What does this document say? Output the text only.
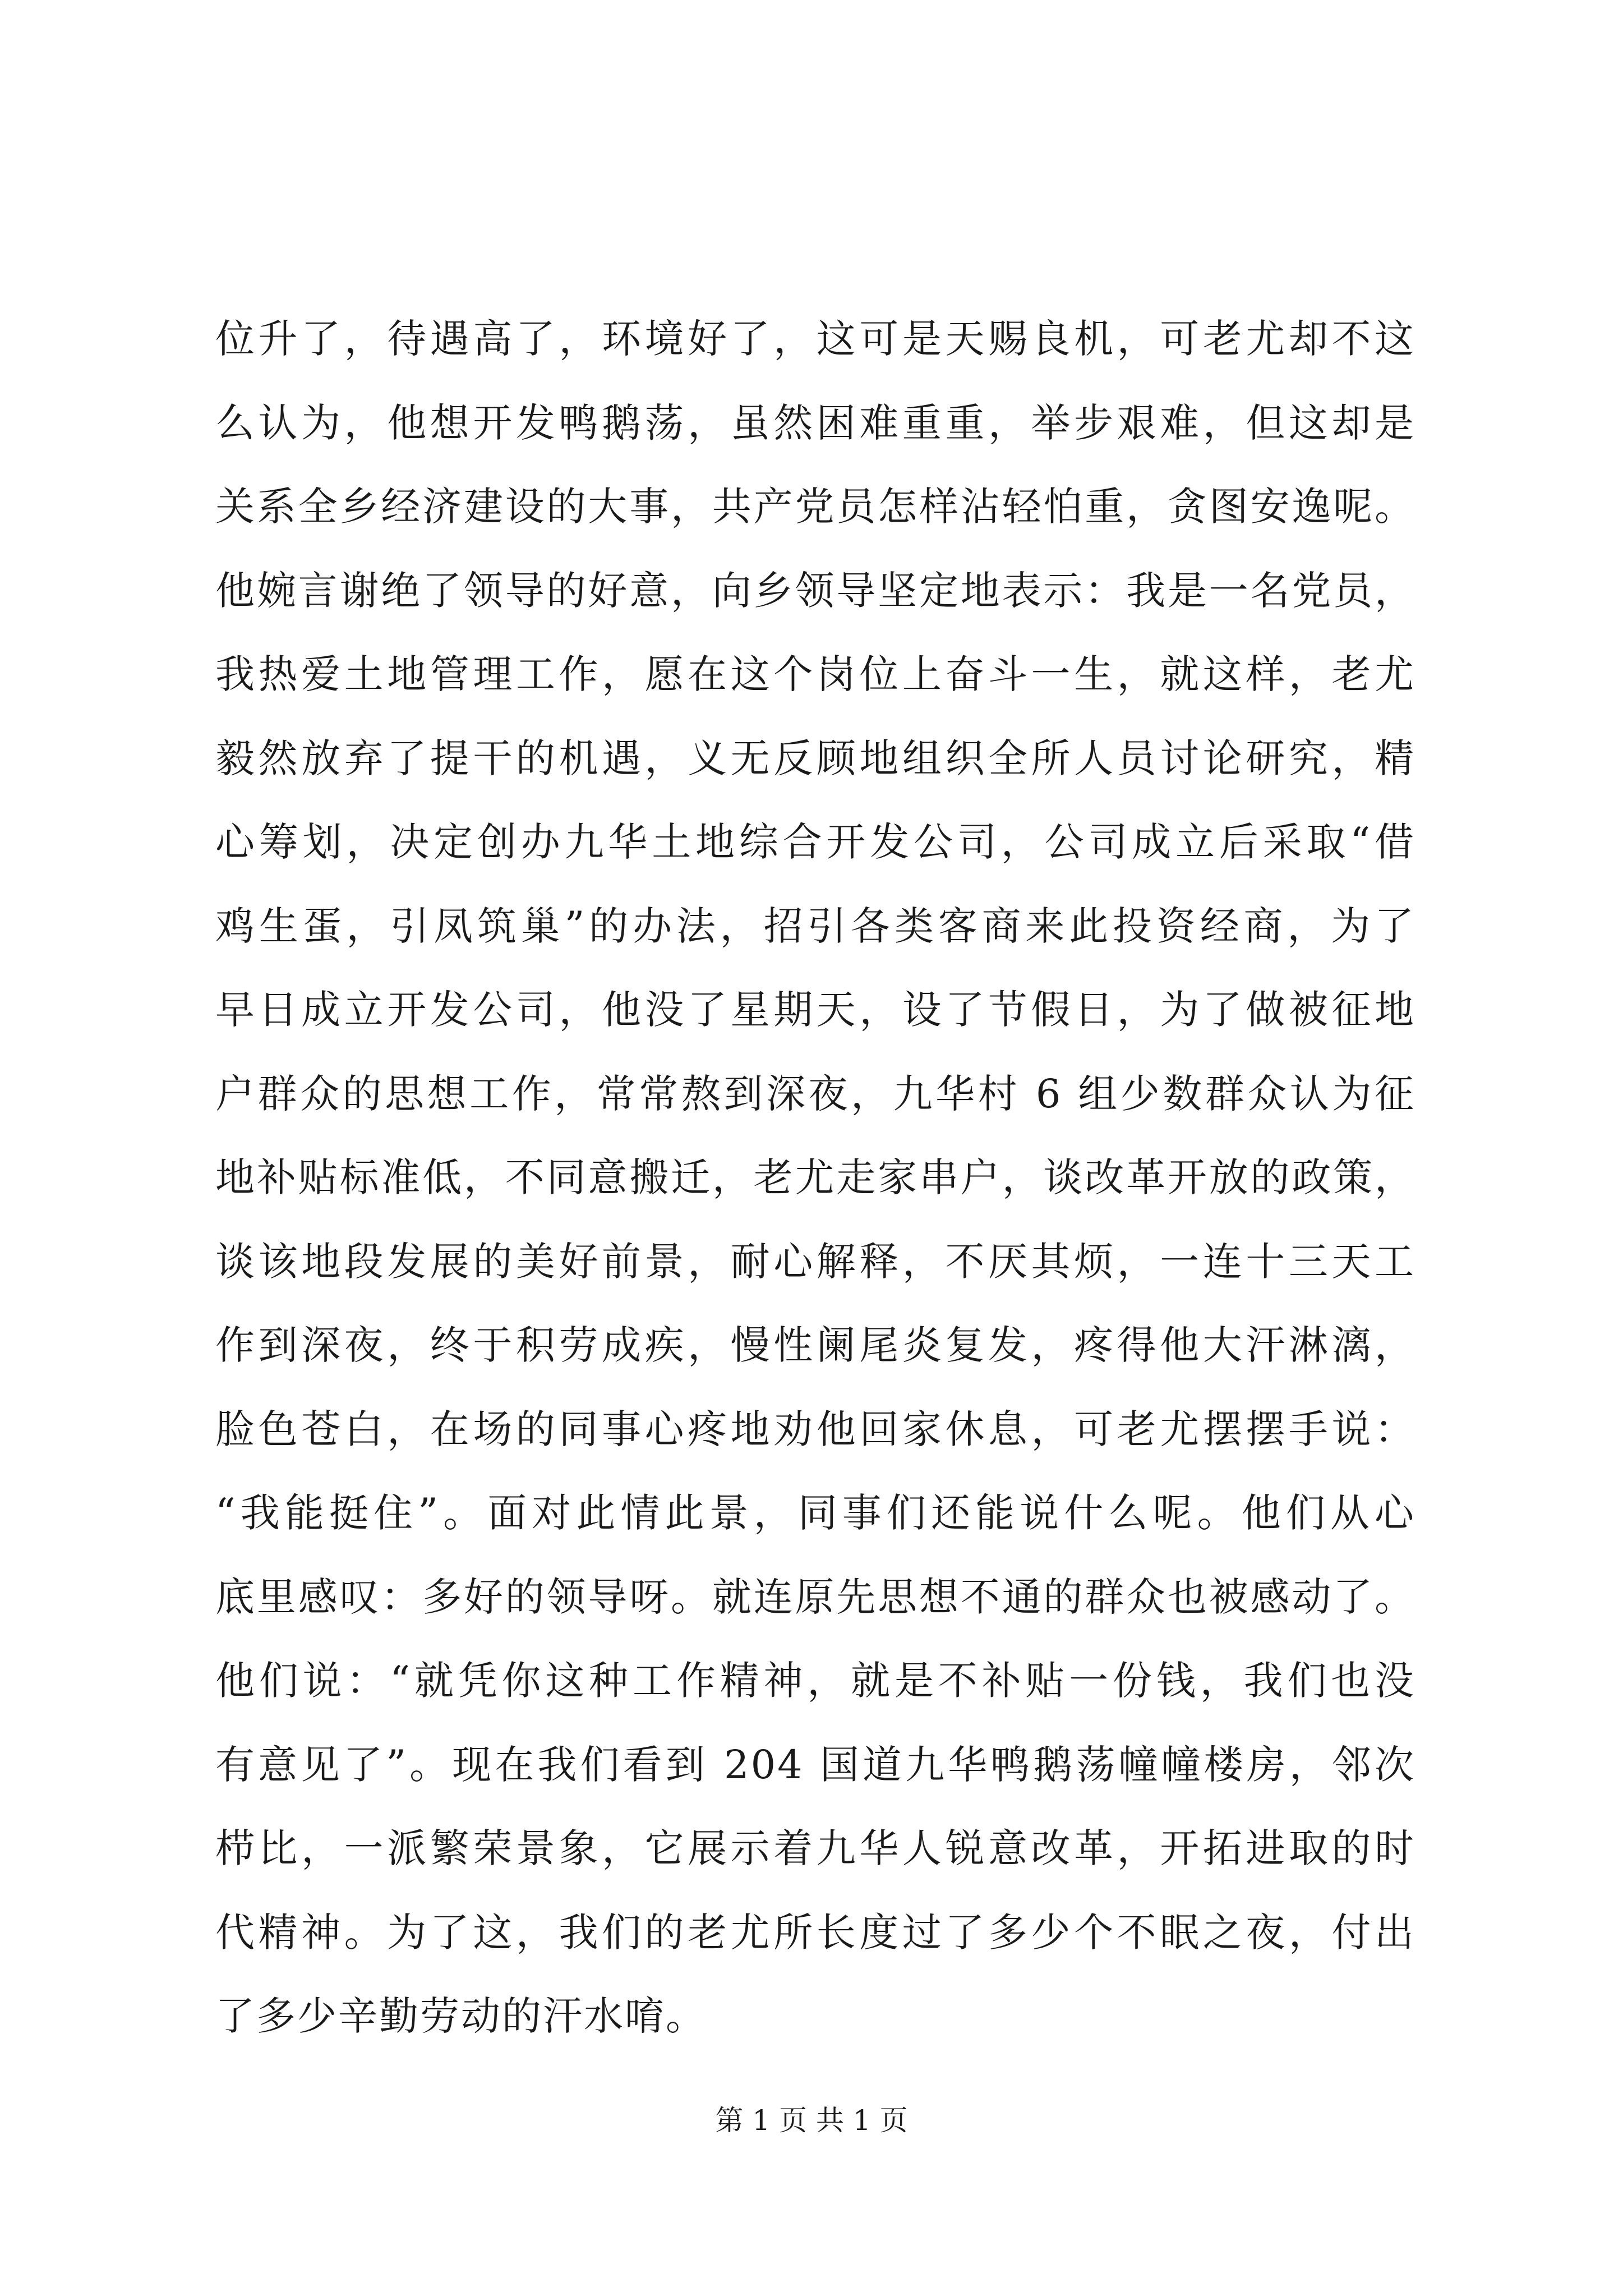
位升了，待遇高了，环境好了，这可是天赐良机，可老尤却不这
么认为，他想开发鸭鹅荡，虽然困难重重，举步艰难，但这却是
关系全乡经济建设的大事，共产党员怎样沾轻怕重，贪图安逸呢。
他婉言谢绝了领导的好意，向乡领导坚定地表示：我是一名党员，
我热爱土地管理工作，愿在这个岗位上奋斗一生，就这样，老尤
毅然放弃了提干的机遇，义无反顾地组织全所人员讨论研究，精
心筹划，决定创办九华土地综合开发公司，公司成立后采取“借
鸡生蛋，引凤筑巢”的办法，招引各类客商来此投资经商，为了
早日成立开发公司，他没了星期天，设了节假日，为了做被征地
户群众的思想工作，常常熬到深夜，九华村 6 组少数群众认为征
地补贴标准低，不同意搬迁，老尤走家串户，谈改革开放的政策，
谈该地段发展的美好前景，耐心解释，不厌其烦，一连十三天工
作到深夜，终于积劳成疾，慢性阑尾炎复发，疼得他大汗淋漓，
脸色苍白，在场的同事心疼地劝他回家休息，可老尤摆摆手说：
“我能挺住”。面对此情此景，同事们还能说什么呢。他们从心
底里感叹：多好的领导呀。就连原先思想不通的群众也被感动了。
他们说：“就凭你这种工作精神，就是不补贴一份钱，我们也没
有意见了”。现在我们看到 204 国道九华鸭鹅荡幢幢楼房，邻次
栉比，一派繁荣景象，它展示着九华人锐意改革，开拓进取的时
代精神。为了这，我们的老尤所长度过了多少个不眠之夜，付出
了多少辛勤劳动的汗水唷。
第 1 页 共 1 页
